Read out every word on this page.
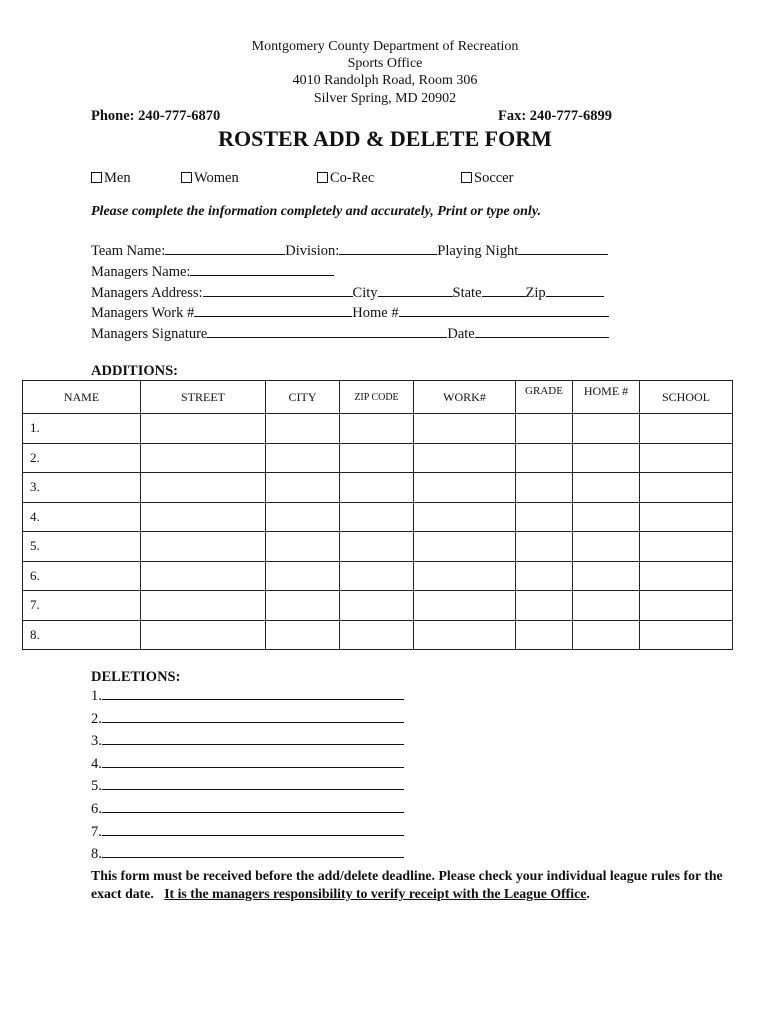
Montgomery County Department of Recreation
Sports Office
4010 Randolph Road, Room 306
Silver Spring, MD 20902
Phone: 240-777-6870	Fax: 240-777-6899
ROSTER ADD & DELETE FORM
Men	Women	Co-Rec	Soccer
Please complete the information completely and accurately, Print or type only.
Team Name:	Division:	Playing Night
Managers Name:
Managers Address:	City	State	Zip
Managers Work #	Home #
Managers Signature	Date
ADDITIONS:
NAME	STREET	CITY	ZIP CODE	WORK#	GRADE	HOME #	SCHOOL
1.							
2.							
3.							
4.							
5.							
6.							
7.							
8.							
DELETIONS:
1.
2.
3.
4.
5.
6.
7.
8.
This form must be received before the add/delete deadline. Please check your individual league rules for the exact date. It is the managers responsibility to verify receipt with the League Office.
